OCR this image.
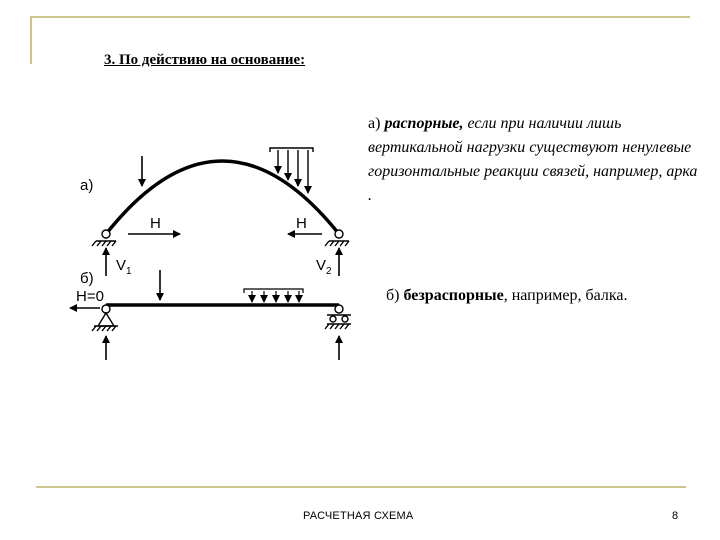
3. По действию на основание:
а) распорные, если при наличии лишь вертикальной нагрузки существуют ненулевые горизонтальные реакции связей, например, арка .
б) безраспорные, например, балка.
а)
H	H
$V_1$	$V_2$
б)
H=0
РАСЧЕТНАЯ СХЕМА	8
